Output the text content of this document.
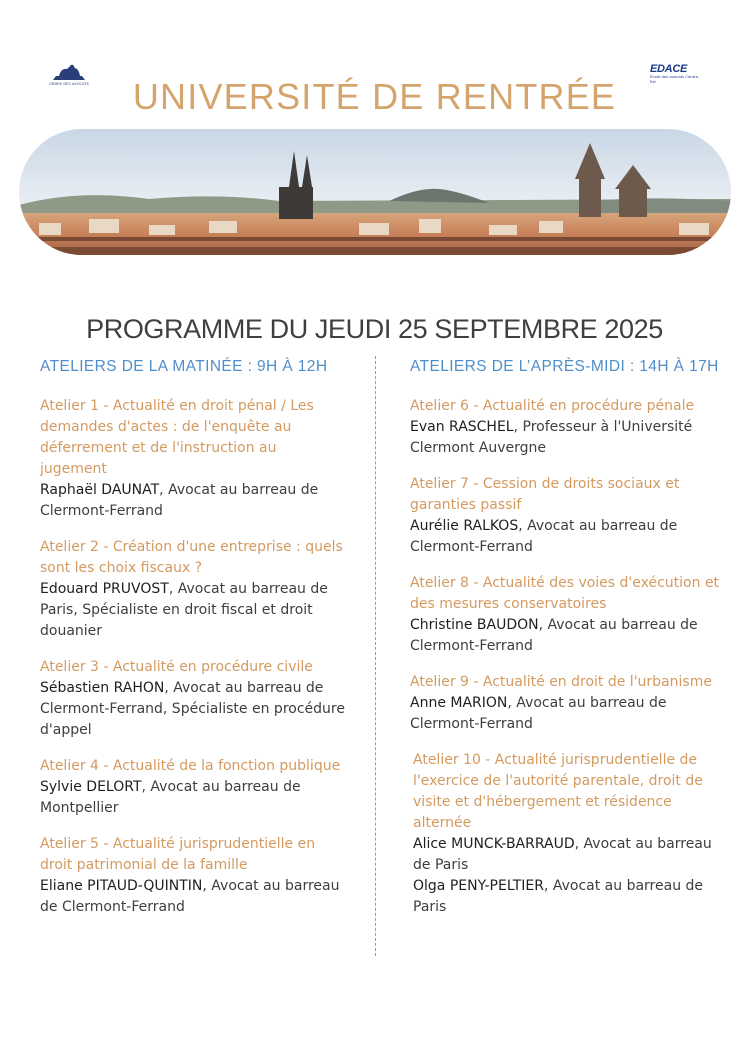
ORDRE DES AVOCATS	UNIVERSITÉ DE RENTRÉE
EDACE
École des avocats Centre-Est
PROGRAMME DU JEUDI 25 SEPTEMBRE 2025
ATELIERS DE LA MATINÉE : 9H À 12H
Atelier 1 - Actualité en droit pénal / Les demandes d'actes : de l'enquête au déferrement et de l'instruction au jugement
Raphaël DAUNAT, Avocat au barreau de Clermont-Ferrand
Atelier 2 - Création d'une entreprise : quels sont les choix fiscaux ?
Edouard PRUVOST, Avocat au barreau de Paris, Spécialiste en droit fiscal et droit douanier
Atelier 3 - Actualité en procédure civile
Sébastien RAHON, Avocat au barreau de Clermont-Ferrand, Spécialiste en procédure d'appel
Atelier 4 - Actualité de la fonction publique
Sylvie DELORT, Avocat au barreau de Montpellier
Atelier 5 - Actualité jurisprudentielle en droit patrimonial de la famille
Eliane PITAUD-QUINTIN, Avocat au barreau de Clermont-Ferrand
ATELIERS DE L’APRÈS-MIDI : 14H À 17H
Atelier 6 - Actualité en procédure pénale
Evan RASCHEL, Professeur à l'Université Clermont Auvergne
Atelier 7 - Cession de droits sociaux et garanties passif
Aurélie RALKOS, Avocat au barreau de Clermont-Ferrand
Atelier 8 - Actualité des voies d'exécution et des mesures conservatoires
Christine BAUDON, Avocat au barreau de Clermont-Ferrand
Atelier 9 - Actualité en droit de l'urbanisme
Anne MARION, Avocat au barreau de Clermont-Ferrand
Atelier 10 - Actualité jurisprudentielle de l'exercice de l'autorité parentale, droit de visite et d'hébergement et résidence alternée
Alice MUNCK-BARRAUD, Avocat au barreau de Paris
Olga PENY-PELTIER, Avocat au barreau de Paris
